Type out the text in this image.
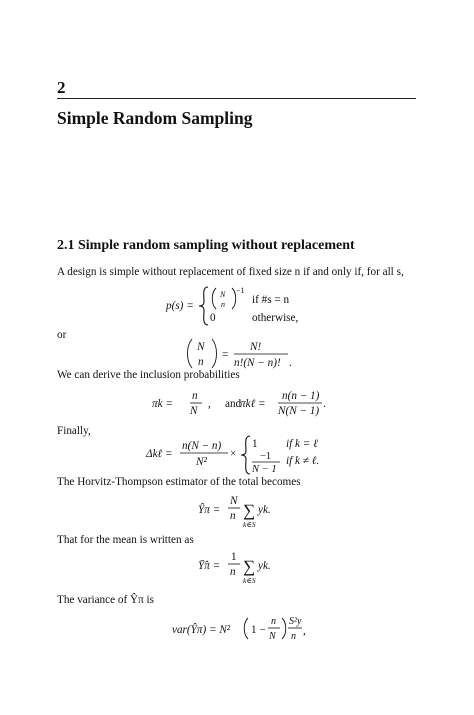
2
Simple Random Sampling
2.1 Simple random sampling without replacement
A design is simple without replacement of fixed size n if and only if, for all s,
p(s) =
N
n
−1
if #s = n
0	otherwise,
or
N
n
=
N!
n!(N − n)! .
We can derive the inclusion probabilities
πk =
n
N
, and
πkℓ =
n(n − 1)
N(N − 1)
.
Finally,
Δkℓ =
n(N − n)
N²
×
1	if k = ℓ
−1
N − 1
if k ≠ ℓ.
The Horvitz-Thompson estimator of the total becomes
Ŷπ =
N
n ∑
k∈S
yk.
That for the mean is written as
Ȳ̂π =
1
n ∑
k∈S
yk.
The variance of Ŷπ is
var(Ŷπ) = N² 1 −
n
N
S²y
n ,
